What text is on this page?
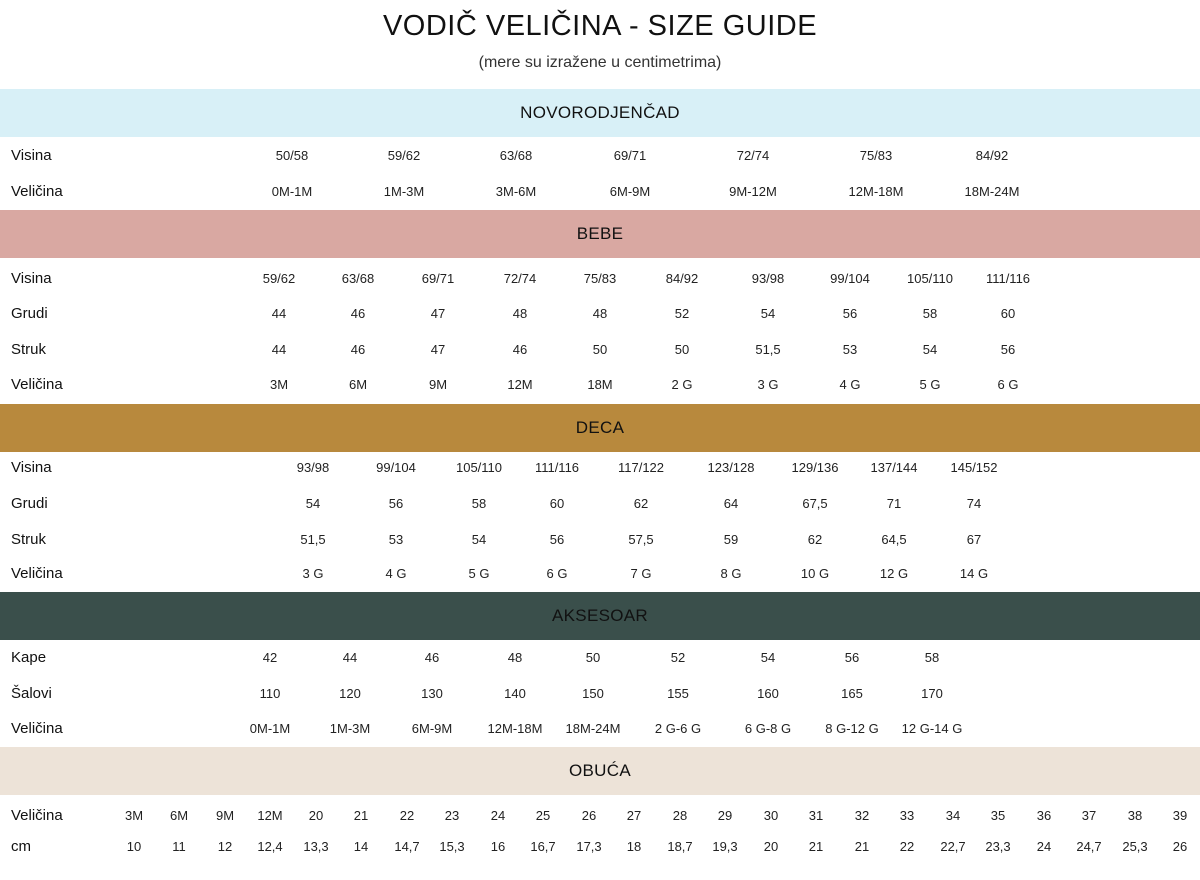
VODIČ VELIČINA - SIZE GUIDE
(mere su izražene u centimetrima)
NOVORODJENČAD
Visina	50/58	59/62	63/68	69/71	72/74	75/83	84/92
Veličina	0M-1M	1M-3M	3M-6M	6M-9M	9M-12M	12M-18M	18M-24M
BEBE
Visina	59/62	63/68	69/71	72/74	75/83	84/92	93/98	99/104	105/110	111/116
Grudi	44	46	47	48	48	52	54	56	58	60
Struk	44	46	47	46	50	50	51,5	53	54	56
Veličina	3M	6M	9M	12M	18M	2 G	3 G	4 G	5 G	6 G
DECA
Visina	93/98	99/104	105/110	111/116	117/122	123/128	129/136	137/144	145/152
Grudi	54	56	58	60	62	64	67,5	71	74
Struk	51,5	53	54	56	57,5	59	62	64,5	67
Veličina	3 G	4 G	5 G	6 G	7 G	8 G	10 G	12 G	14 G
AKSESOAR
Kape	42	44	46	48	50	52	54	56	58
Šalovi	110	120	130	140	150	155	160	165	170
Veličina	0M-1M	1M-3M	6M-9M	12M-18M	18M-24M	2 G-6 G	6 G-8 G	8 G-12 G	12 G-14 G
OBUĆA
Veličina	3M	6M	9M	12M	20	21	22	23	24	25	26	27	28	29	30	31	32	33	34	35	36	37	38	39
cm	10	11	12	12,4	13,3	14	14,7	15,3	16	16,7	17,3	18	18,7	19,3	20	21	21	22	22,7	23,3	24	24,7	25,3	26
